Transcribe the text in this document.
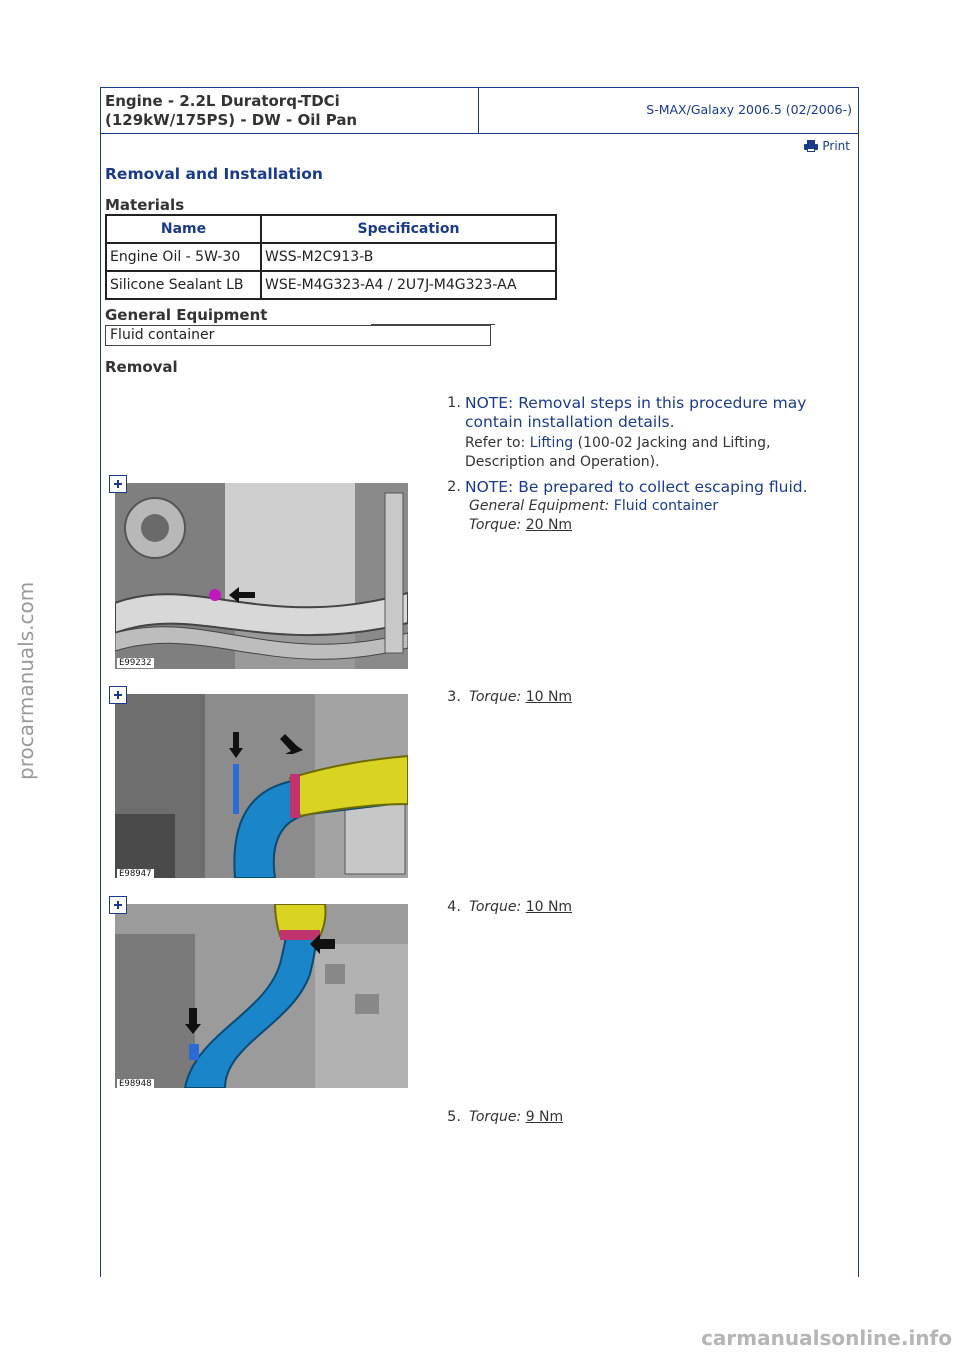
Engine - 2.2L Duratorq-TDCi
(129kW/175PS) - DW - Oil Pan
S-MAX/Galaxy 2006.5 (02/2006-)
Print
Removal and Installation
Materials
Name	Specification
Engine Oil - 5W-30	WSS-M2C913-B
Silicone Sealant LB	WSE-M4G323-A4 / 2U7J-M4G323-AA
General Equipment
Fluid container
Removal
1. NOTE: Removal steps in this procedure may contain installation details.
Refer to: Lifting (100-02 Jacking and Lifting, Description and Operation).
E99232
2. NOTE: Be prepared to collect escaping fluid.
General Equipment: Fluid container
Torque: 20 Nm
E98947
3. Torque: 10 Nm
E98948
4. Torque: 10 Nm
5. Torque: 9 Nm
procarmanuals.com
carmanualsonline.info
